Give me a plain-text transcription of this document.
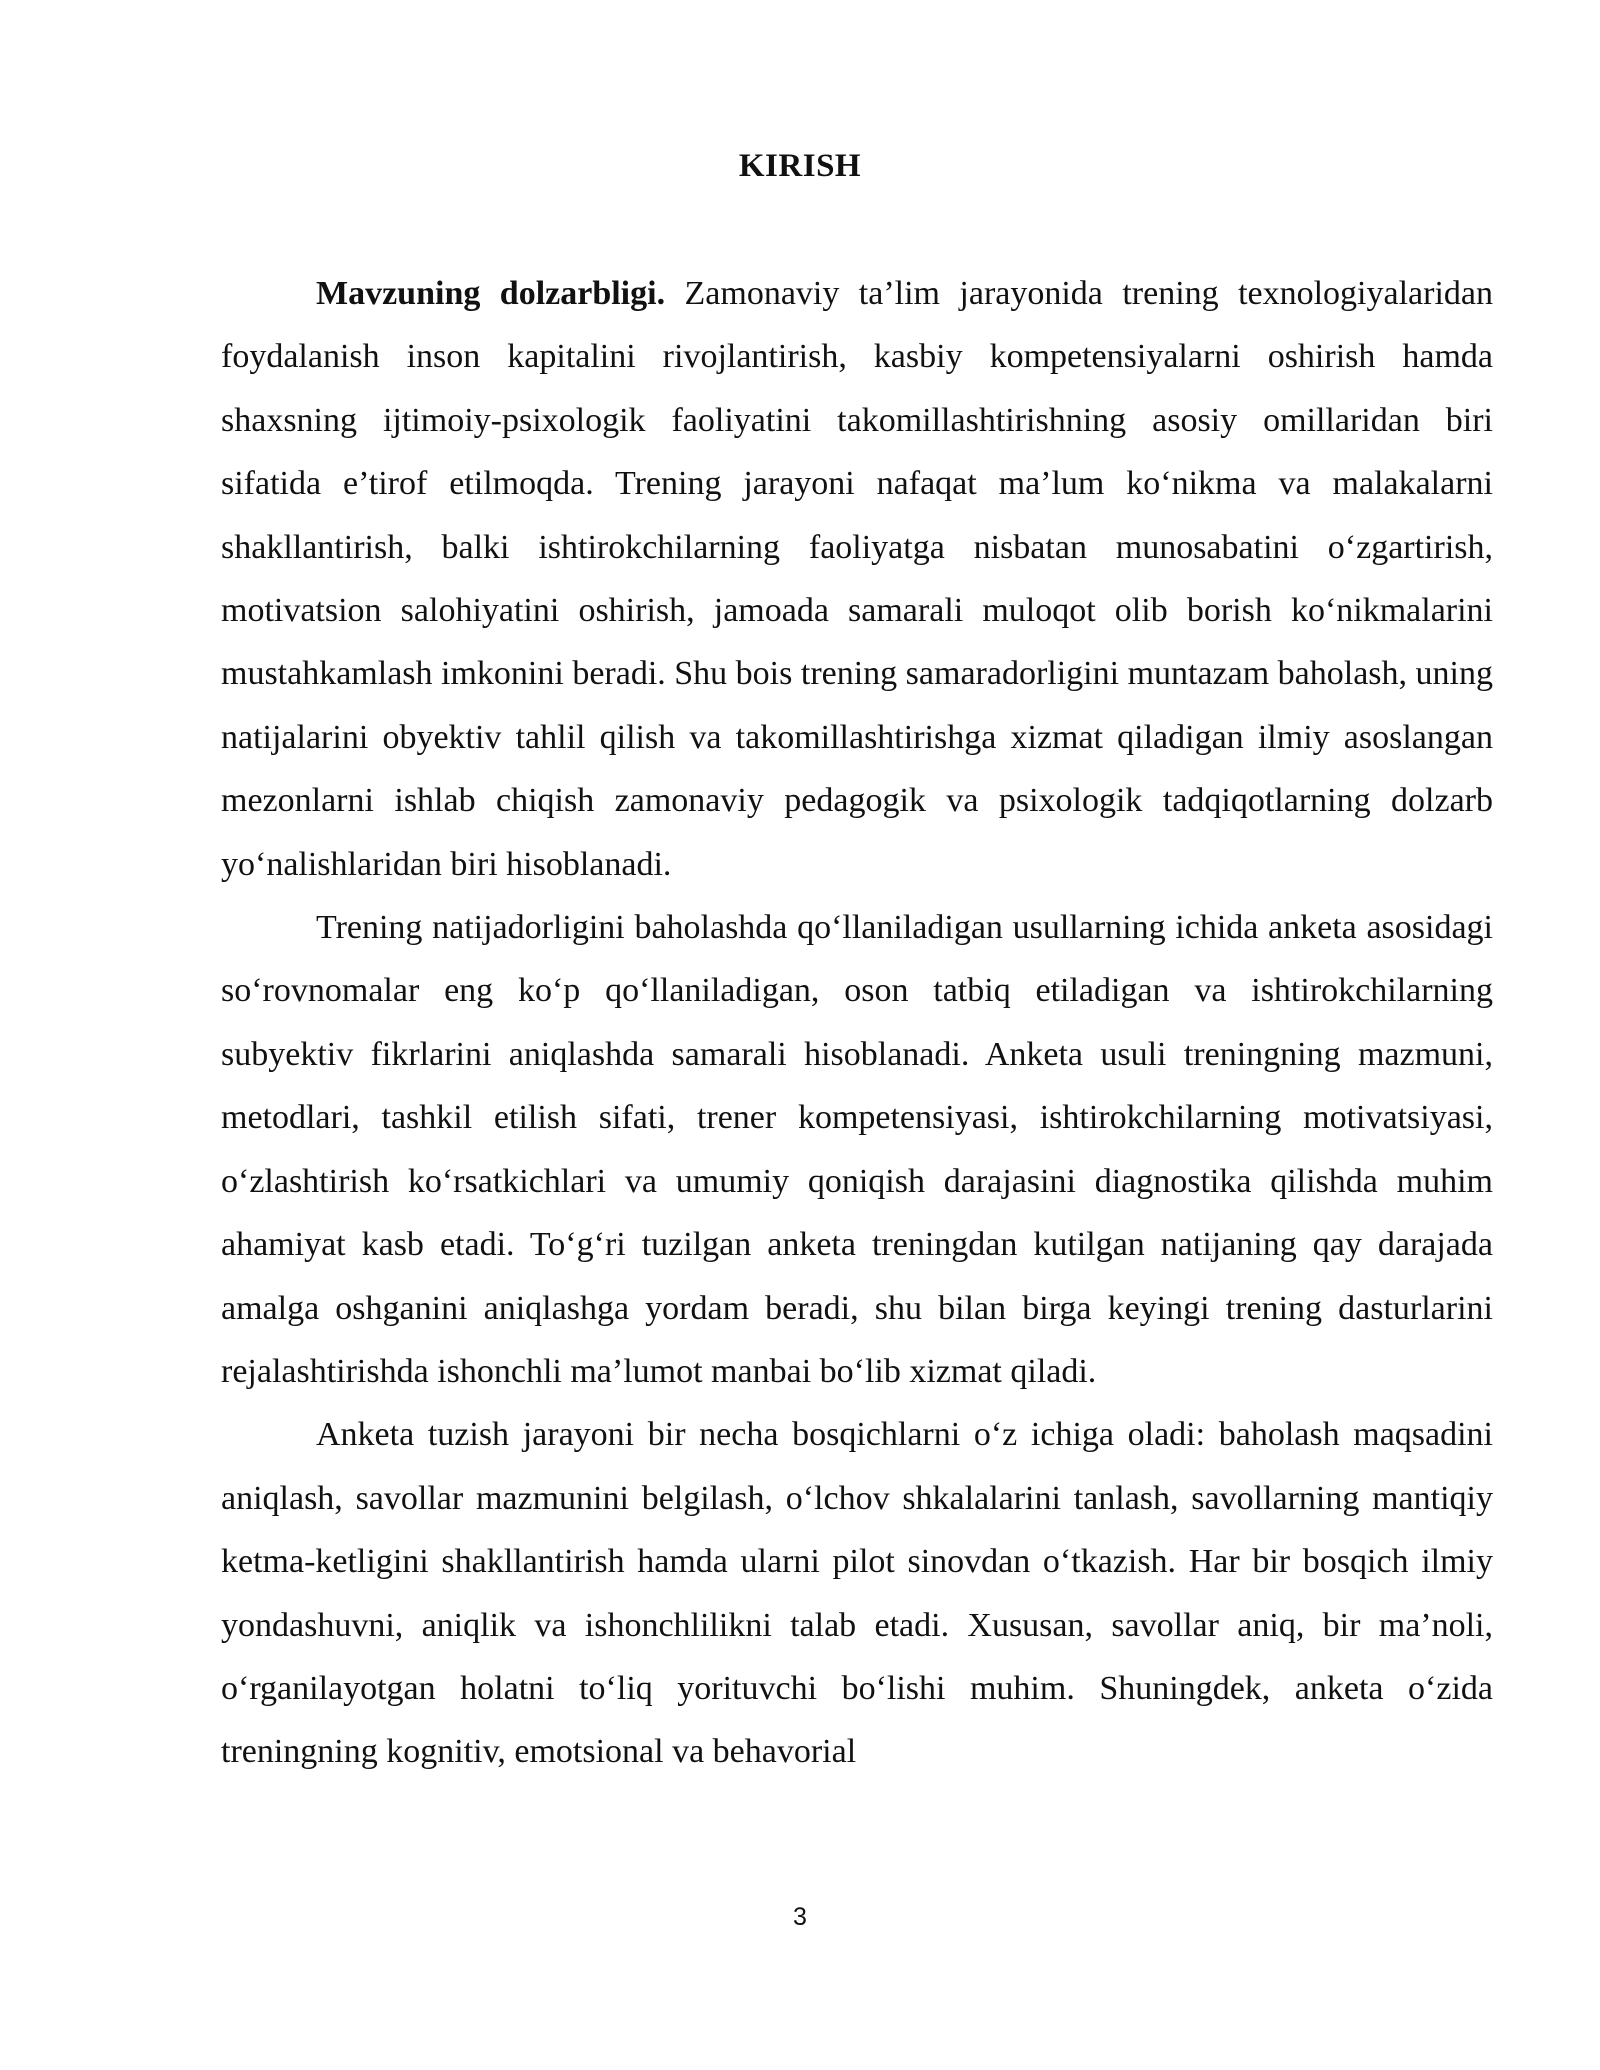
KIRISH

Mavzuning dolzarbligi. Zamonaviy ta’lim jarayonida trening texnologiyalaridan foydalanish inson kapitalini rivojlantirish, kasbiy kompetensiyalarni oshirish hamda shaxsning ijtimoiy-psixologik faoliyatini takomillashtirishning asosiy omillaridan biri sifatida e’tirof etilmoqda. Trening jarayoni nafaqat ma’lum ko‘nikma va malakalarni shakllantirish, balki ishtirokchilarning faoliyatga nisbatan munosabatini o‘zgartirish, motivatsion salohiyatini oshirish, jamoada samarali muloqot olib borish ko‘nikmalarini mustahkamlash imkonini beradi. Shu bois trening samaradorligini muntazam baholash, uning natijalarini obyektiv tahlil qilish va takomillashtirishga xizmat qiladigan ilmiy asoslangan mezonlarni ishlab chiqish zamonaviy pedagogik va psixologik tadqiqotlarning dolzarb yo‘nalishlaridan biri hisoblanadi.

Trening natijadorligini baholashda qo‘llaniladigan usullarning ichida anketa asosidagi so‘rovnomalar eng ko‘p qo‘llaniladigan, oson tatbiq etiladigan va ishtirokchilarning subyektiv fikrlarini aniqlashda samarali hisoblanadi. Anketa usuli treningning mazmuni, metodlari, tashkil etilish sifati, trener kompetensiyasi, ishtirokchilarning motivatsiyasi, o‘zlashtirish ko‘rsatkichlari va umumiy qoniqish darajasini diagnostika qilishda muhim ahamiyat kasb etadi. To‘g‘ri tuzilgan anketa treningdan kutilgan natijaning qay darajada amalga oshganini aniqlashga yordam beradi, shu bilan birga keyingi trening dasturlarini rejalashtirishda ishonchli ma’lumot manbai bo‘lib xizmat qiladi.

Anketa tuzish jarayoni bir necha bosqichlarni o‘z ichiga oladi: baholash maqsadini aniqlash, savollar mazmunini belgilash, o‘lchov shkalalarini tanlash, savollarning mantiqiy ketma-ketligini shakllantirish hamda ularni pilot sinovdan o‘tkazish. Har bir bosqich ilmiy yondashuvni, aniqlik va ishonchlilikni talab etadi. Xususan, savollar aniq, bir ma’noli, o‘rganilayotgan holatni to‘liq yorituvchi bo‘lishi muhim. Shuningdek, anketa o‘zida treningning kognitiv, emotsional va behavorial

3
